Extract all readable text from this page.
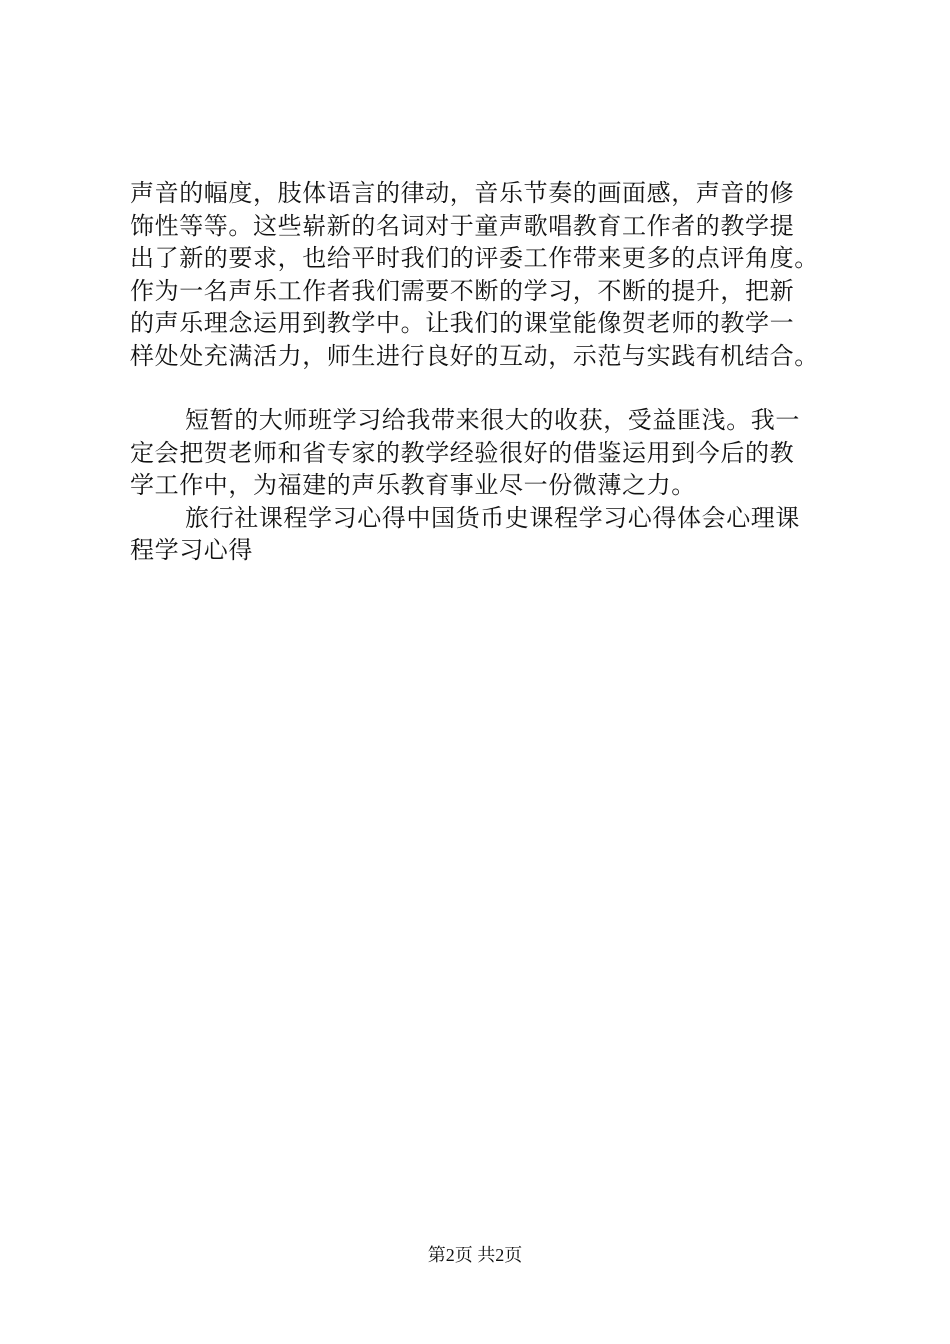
声音的幅度，肢体语言的律动，音乐节奏的画面感，声音的修
饰性等等。这些崭新的名词对于童声歌唱教育工作者的教学提
出了新的要求，也给平时我们的评委工作带来更多的点评角度。
作为一名声乐工作者我们需要不断的学习，不断的提升，把新
的声乐理念运用到教学中。让我们的课堂能像贺老师的教学一
样处处充满活力，师生进行良好的互动，示范与实践有机结合。
短暂的大师班学习给我带来很大的收获，受益匪浅。我一
定会把贺老师和省专家的教学经验很好的借鉴运用到今后的教
学工作中，为福建的声乐教育事业尽一份微薄之力。
旅行社课程学习心得中国货币史课程学习心得体会心理课
程学习心得
第2页 共2页
